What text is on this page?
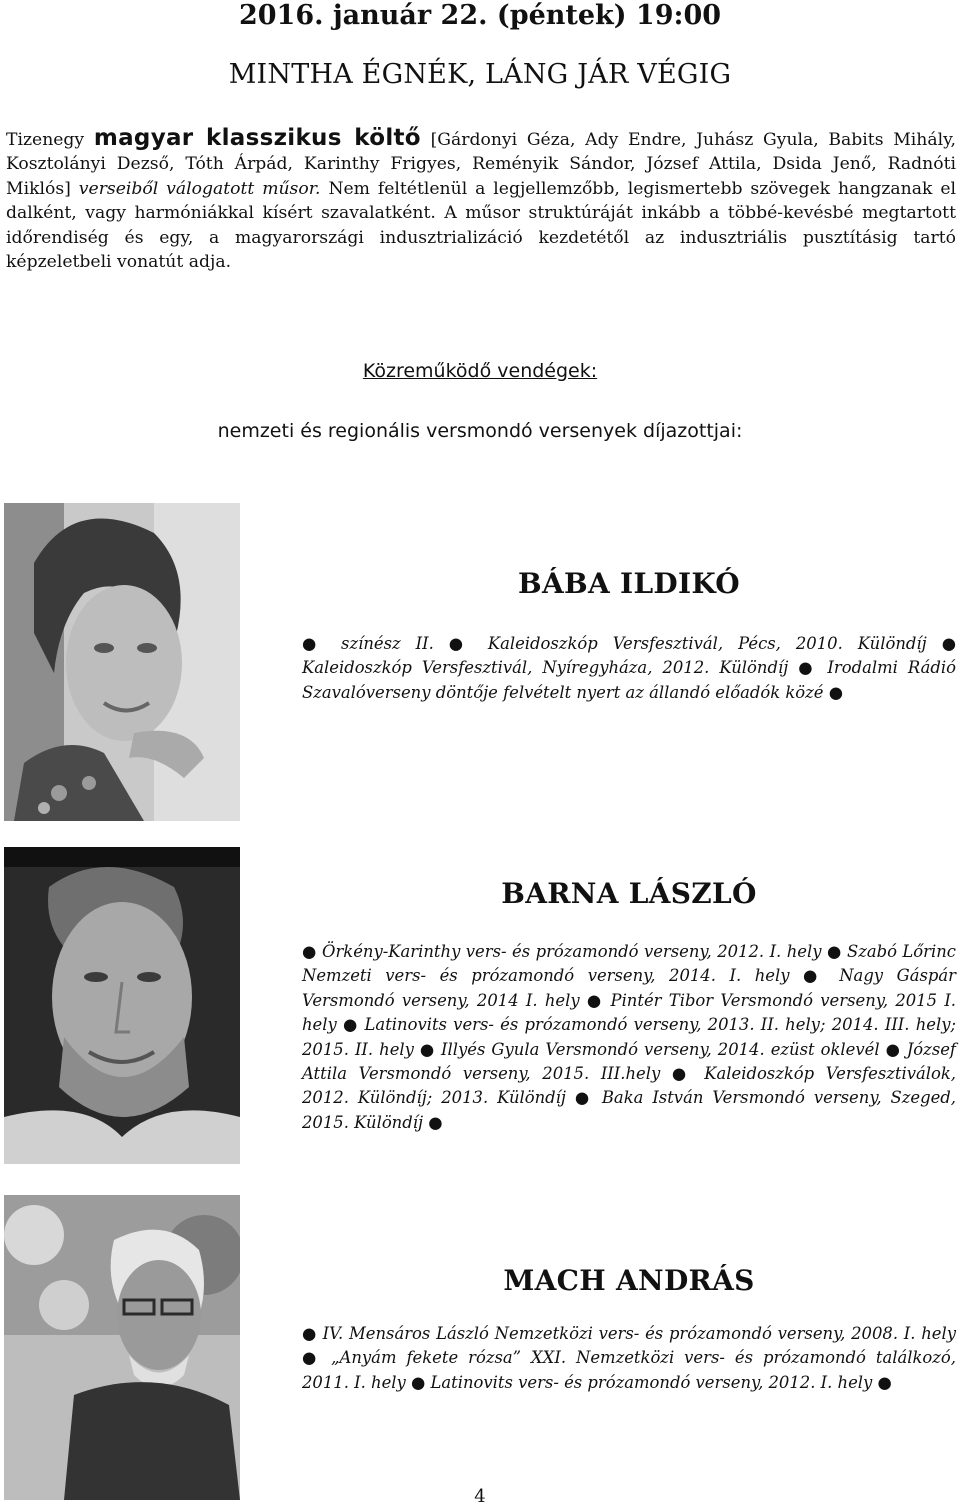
2016. január 22. (péntek) 19:00
MINTHA ÉGNÉK, LÁNG JÁR VÉGIG

Tizenegy magyar klasszikus költő [Gárdonyi Géza, Ady Endre, Juhász Gyula, Babits Mihály, Kosztolányi Dezső, Tóth Árpád, Karinthy Frigyes, Reményik Sándor, József Attila, Dsida Jenő, Radnóti Miklós] verseiből válogatott műsor. Nem feltétlenül a legjellemzőbb, legismertebb szövegek hangzanak el dalként, vagy harmóniákkal kísért szavalatként. A műsor struktúráját inkább a többé-kevésbé megtartott időrendiség és egy, a magyarországi indusztrializáció kezdetétől az indusztriális pusztításig tartó képzeletbeli vonatút adja.

Közreműködő vendégek:
nemzeti és regionális versmondó versenyek díjazottjai:
BÁBA ILDIKÓ
● színész II. ● Kaleidoszkóp Versfesztivál, Pécs, 2010. Különdíj ● Kaleidoszkóp Versfesztivál, Nyíregyháza, 2012. Különdíj ● Irodalmi Rádió Szavalóverseny döntője felvételt nyert az állandó előadók közé ●
BARNA LÁSZLÓ
● Örkény-Karinthy vers- és prózamondó verseny, 2012. I. hely ● Szabó Lőrinc Nemzeti vers- és prózamondó verseny, 2014. I. hely ● Nagy Gáspár Versmondó verseny, 2014 I. hely ● Pintér Tibor Versmondó verseny, 2015 I. hely ● Latinovits vers- és prózamondó verseny, 2013. II. hely; 2014. III. hely; 2015. II. hely ● Illyés Gyula Versmondó verseny, 2014. ezüst oklevél ● József Attila Versmondó verseny, 2015. III.hely ● Kaleidoszkóp Versfesztiválok, 2012. Különdíj; 2013. Különdíj ● Baka István Versmondó verseny, Szeged, 2015. Különdíj ●
MACH ANDRÁS
● IV. Mensáros László Nemzetközi vers- és prózamondó verseny, 2008. I. hely ● „Anyám fekete rózsa” XXI. Nemzetközi vers- és prózamondó találkozó, 2011. I. hely ● Latinovits vers- és prózamondó verseny, 2012. I. hely ●
4
